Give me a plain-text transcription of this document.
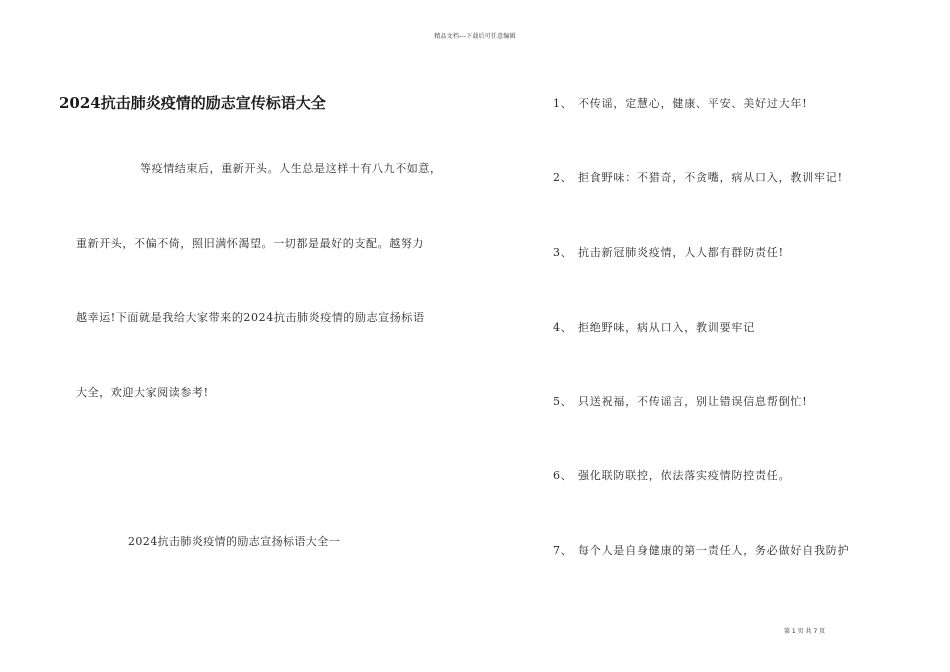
精品文档---下载后可任意编辑
2024抗击肺炎疫情的励志宣传标语大全
等疫情结束后，重新开头。人生总是这样十有八九不如意，
重新开头，不偏不倚，照旧满怀渴望。一切都是最好的支配。越努力
越幸运!下面就是我给大家带来的2024抗击肺炎疫情的励志宣扬标语
大全，欢迎大家阅读参考!
2024抗击肺炎疫情的励志宣扬标语大全一
1、 不传谣，定慧心，健康、平安、美好过大年!
2、 拒食野味：不猎奇，不贪嘴，病从口入，教训牢记!
3、 抗击新冠肺炎疫情，人人都有群防责任!
4、 拒绝野味，病从口入，教训要牢记
5、 只送祝福，不传谣言，别让错误信息帮倒忙!
6、 强化联防联控，依法落实疫情防控责任。
7、 每个人是自身健康的第一责任人，务必做好自我防护
第 1 页 共 7 页
